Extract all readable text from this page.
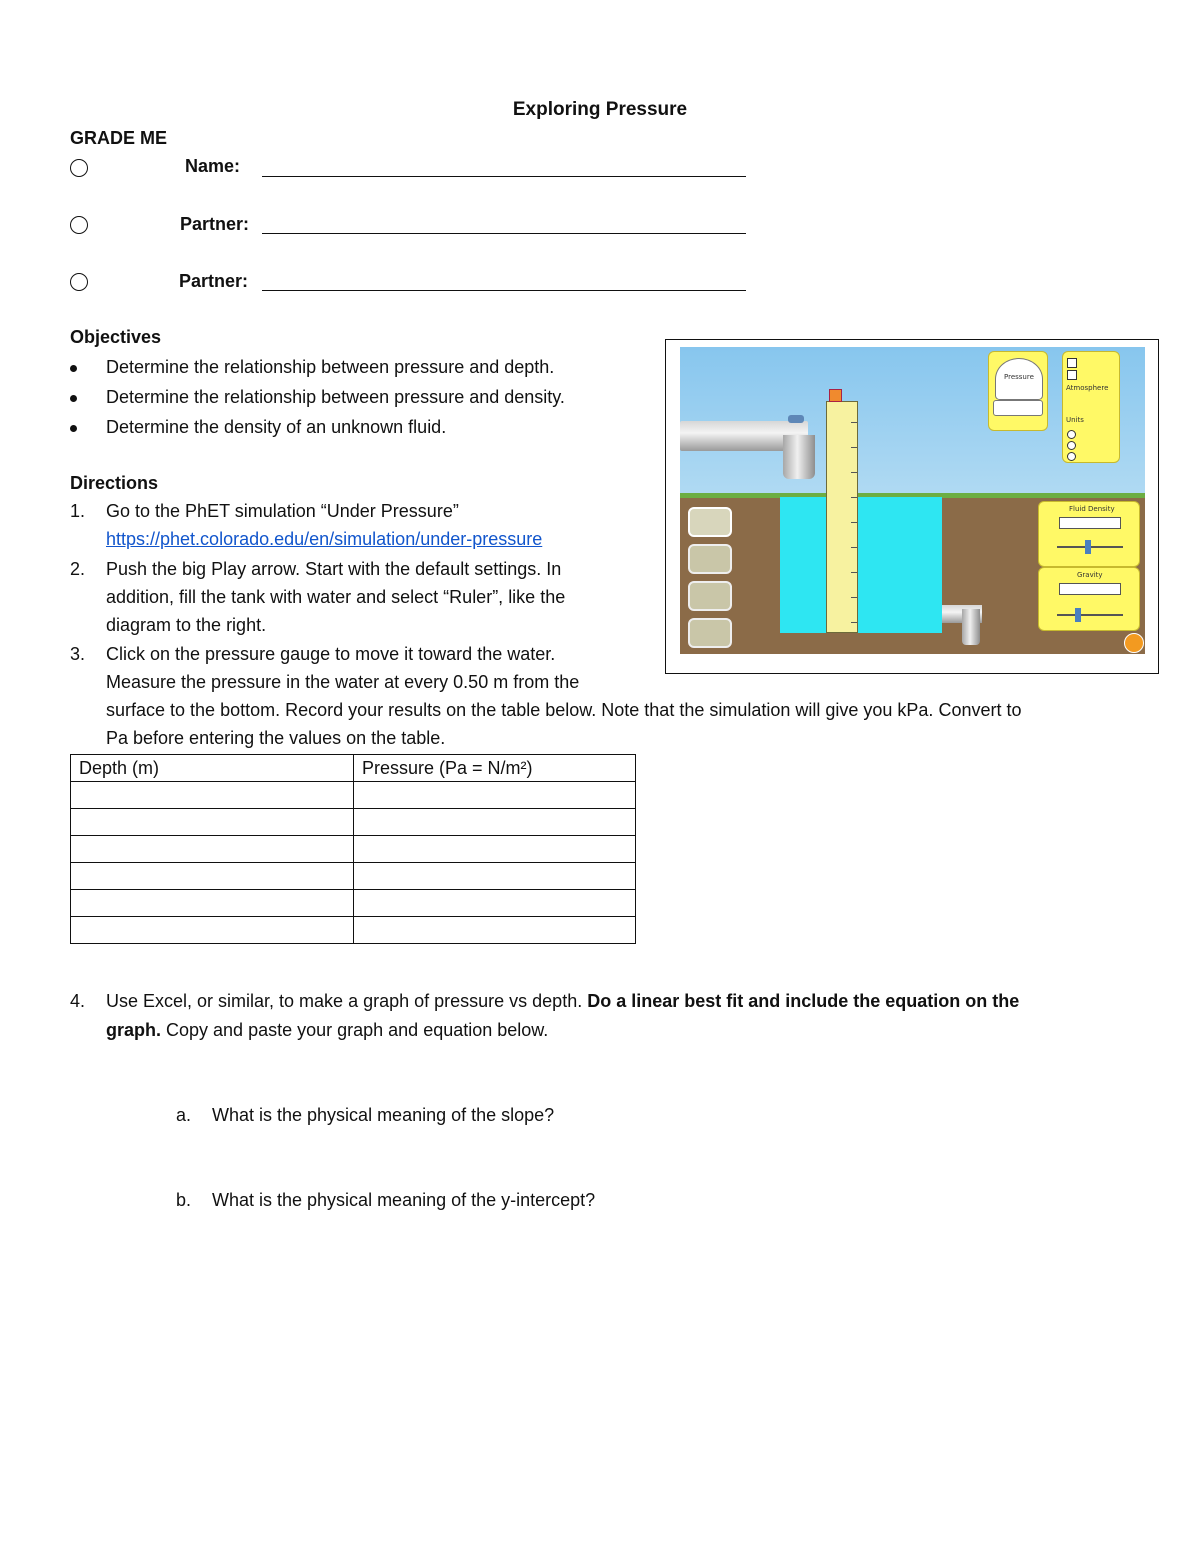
Exploring Pressure
GRADE ME
Name:
Partner:
Partner:
Objectives
Determine the relationship between pressure and depth.
Determine the relationship between pressure and density.
Determine the density of an unknown fluid.
Directions
1. Go to the PhET simulation “Under Pressure”
https://phet.colorado.edu/en/simulation/under-pressure
2. Push the big Play arrow. Start with the default settings. In
addition, fill the tank with water and select “Ruler”, like the
diagram to the right.
3. Click on the pressure gauge to move it toward the water.
Measure the pressure in the water at every 0.50 m from the
surface to the bottom. Record your results on the table below. Note that the simulation will give you kPa. Convert to
Pa before entering the values on the table.
Depth (m)	Pressure (Pa = N/m²)

4. Use Excel, or similar, to make a graph of pressure vs depth. Do a linear best fit and include the equation on the
graph. Copy and paste your graph and equation below.
a. What is the physical meaning of the slope?
b. What is the physical meaning of the y-intercept?
Pressure
Atmosphere
Units
Fluid Density
Gravity
